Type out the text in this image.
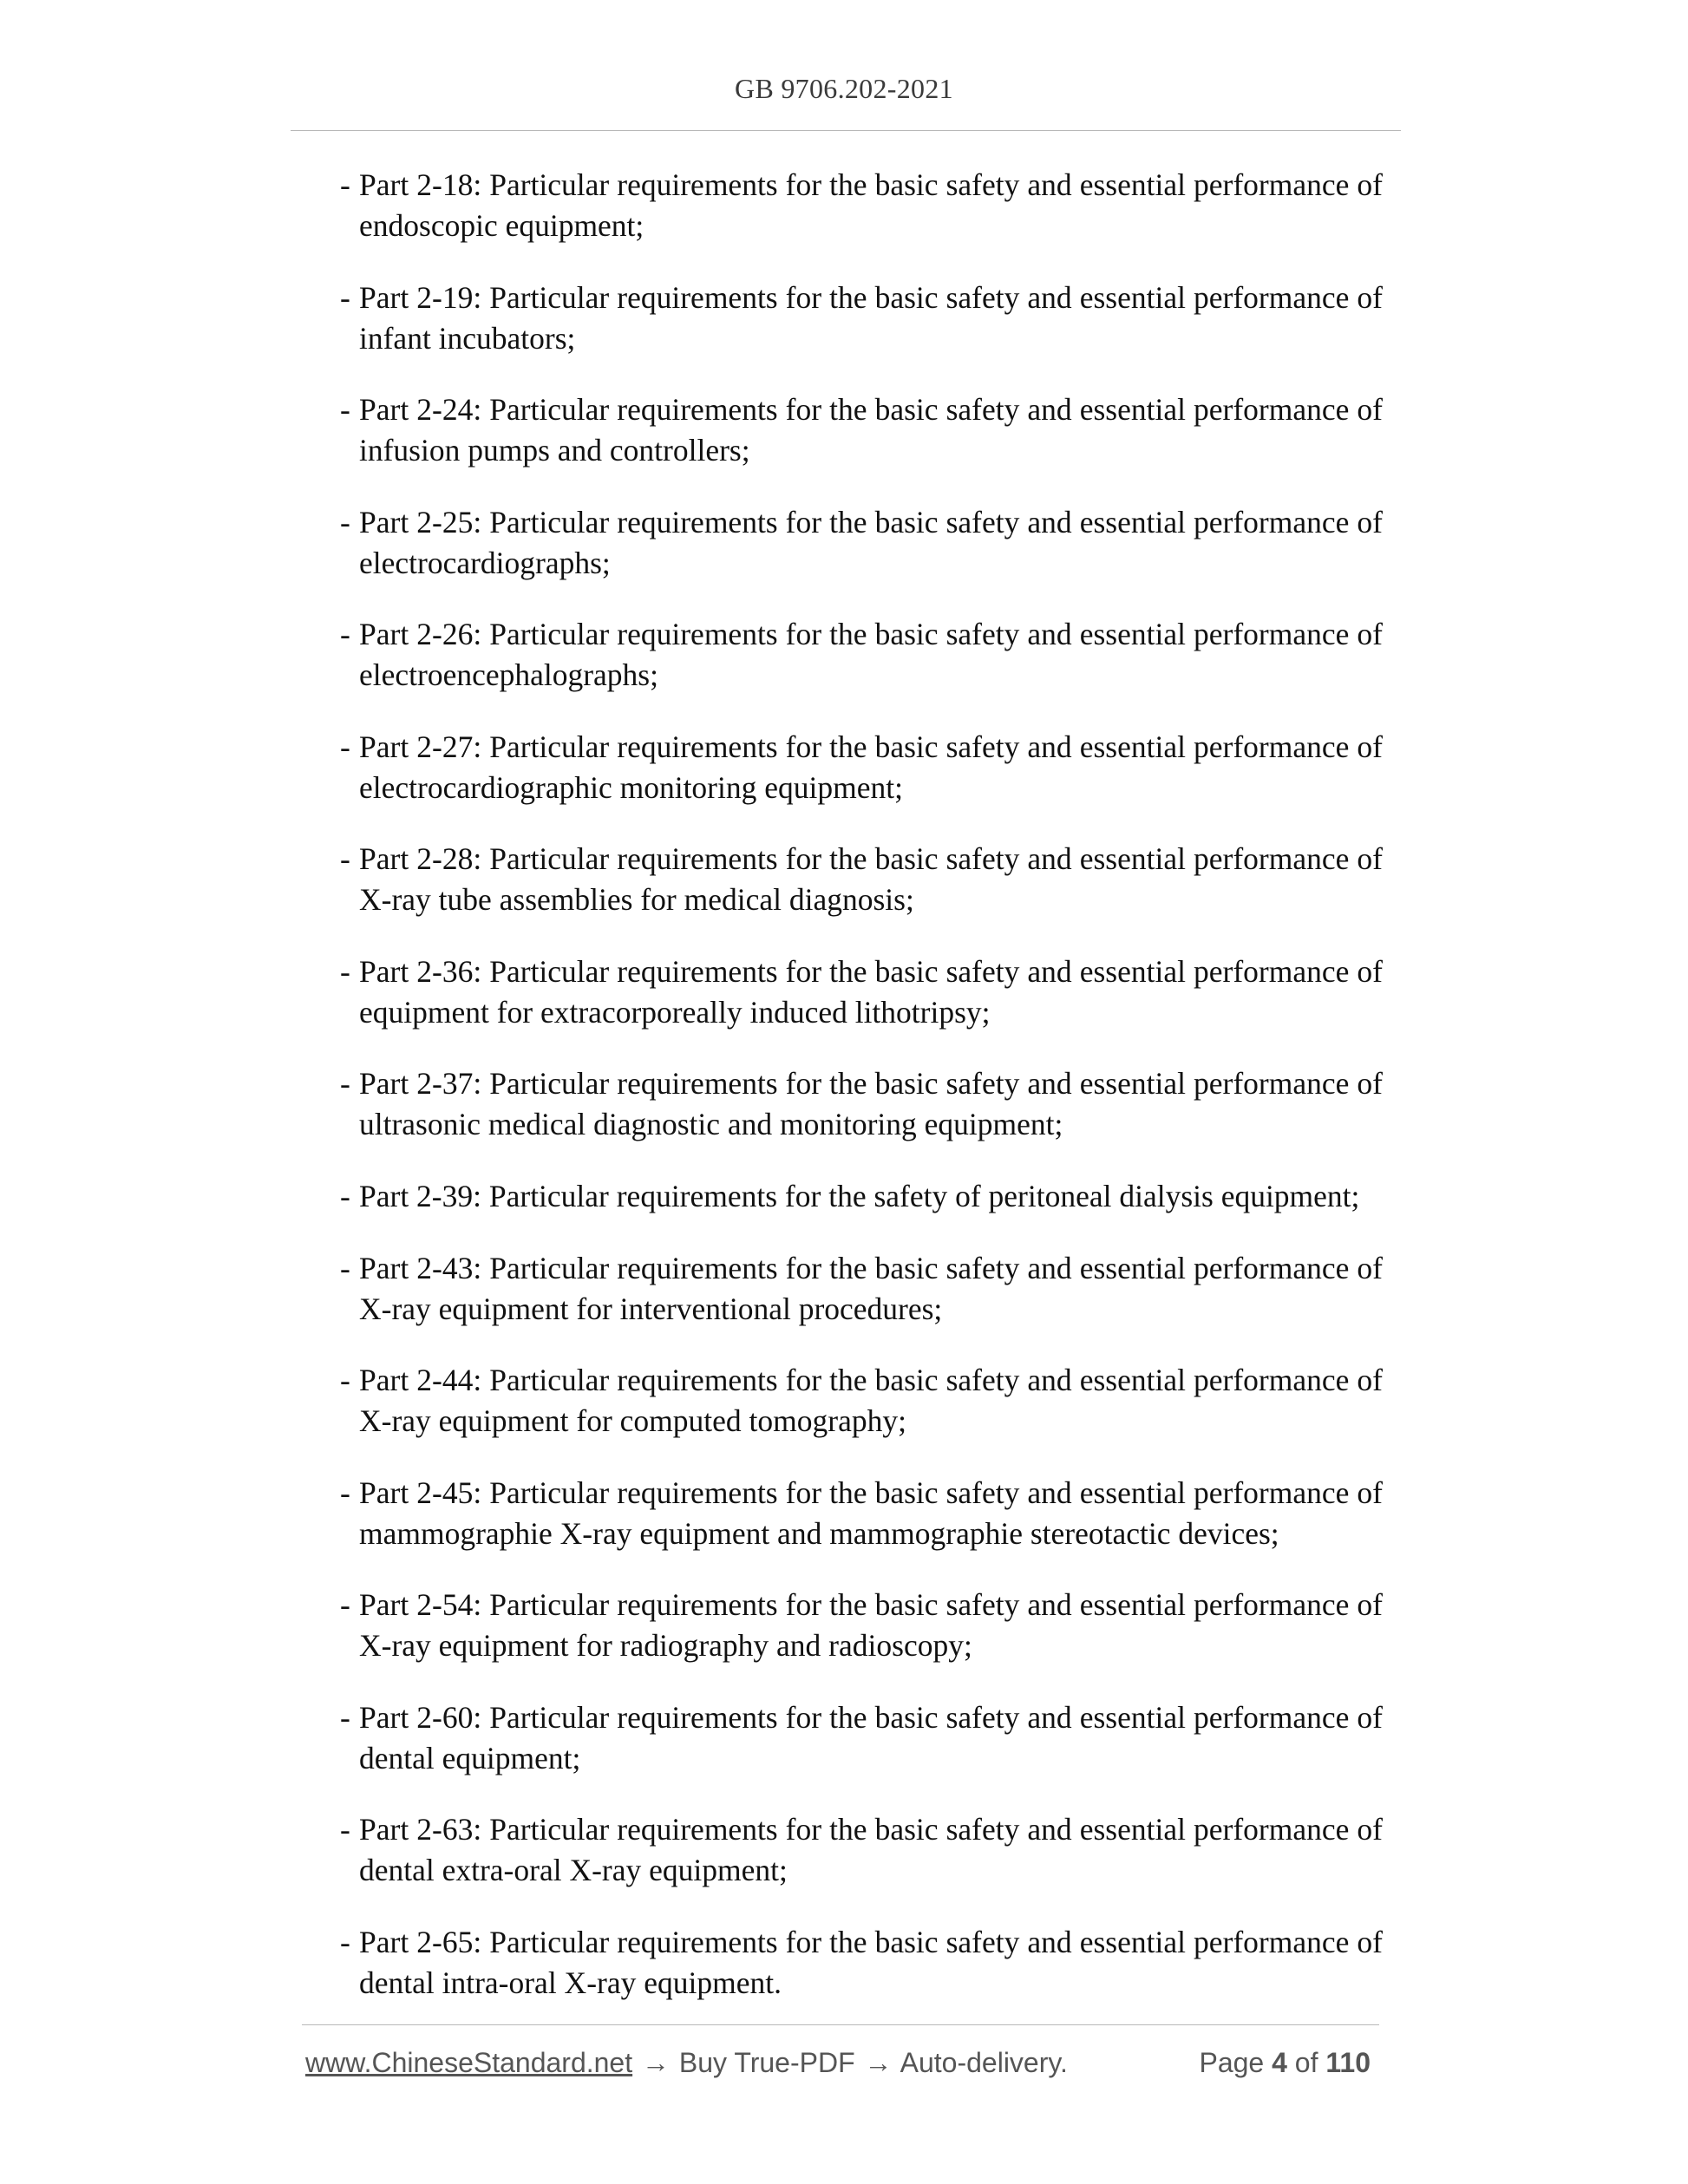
GB 9706.202-2021
- Part 2-18: Particular requirements for the basic safety and essential performance of endoscopic equipment;
- Part 2-19: Particular requirements for the basic safety and essential performance of infant incubators;
- Part 2-24: Particular requirements for the basic safety and essential performance of infusion pumps and controllers;
- Part 2-25: Particular requirements for the basic safety and essential performance of electrocardiographs;
- Part 2-26: Particular requirements for the basic safety and essential performance of electroencephalographs;
- Part 2-27: Particular requirements for the basic safety and essential performance of electrocardiographic monitoring equipment;
- Part 2-28: Particular requirements for the basic safety and essential performance of X-ray tube assemblies for medical diagnosis;
- Part 2-36: Particular requirements for the basic safety and essential performance of equipment for extracorporeally induced lithotripsy;
- Part 2-37: Particular requirements for the basic safety and essential performance of ultrasonic medical diagnostic and monitoring equipment;
- Part 2-39: Particular requirements for the safety of peritoneal dialysis equipment;
- Part 2-43: Particular requirements for the basic safety and essential performance of X-ray equipment for interventional procedures;
- Part 2-44: Particular requirements for the basic safety and essential performance of X-ray equipment for computed tomography;
- Part 2-45: Particular requirements for the basic safety and essential performance of mammographie X-ray equipment and mammographie stereotactic devices;
- Part 2-54: Particular requirements for the basic safety and essential performance of X-ray equipment for radiography and radioscopy;
- Part 2-60: Particular requirements for the basic safety and essential performance of dental equipment;
- Part 2-63: Particular requirements for the basic safety and essential performance of dental extra-oral X-ray equipment;
- Part 2-65: Particular requirements for the basic safety and essential performance of dental intra-oral X-ray equipment.
www.ChineseStandard.net → Buy True-PDF → Auto-delivery.	Page 4 of 110
